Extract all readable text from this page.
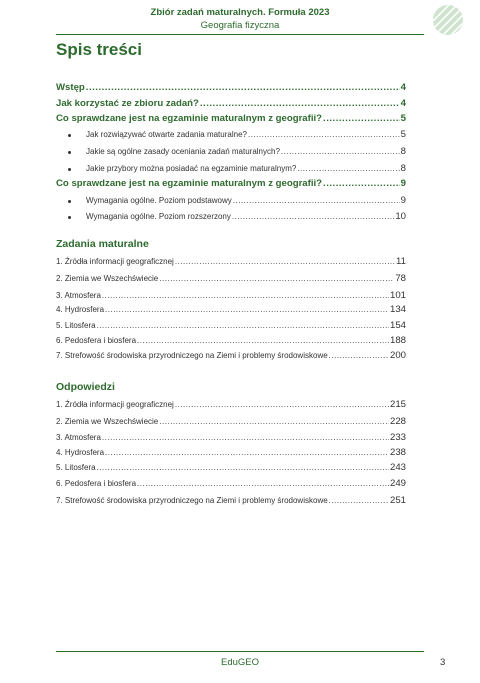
Zbiór zadań maturalnych. Formuła 2023
Geografia fizyczna
Spis treści
Wstęp .....	4
Jak korzystać ze zbioru zadań? .....	4
Co sprawdzane jest na egzaminie maturalnym z geografii? .....	5
Jak rozwiązywać otwarte zadania maturalne? .....	5
Jakie są ogólne zasady oceniania zadań maturalnych? .....	8
Jakie przybory można posiadać na egzaminie maturalnym? .....	8
Co sprawdzane jest na egzaminie maturalnym z geografii? .....	9
Wymagania ogólne. Poziom podstawowy .....	9
Wymagania ogólne. Poziom rozszerzony .....	10
Zadania maturalne
1. Źródła informacji geograficznej .....	11
2. Ziemia we Wszechświecie .....	78
3. Atmosfera .....	101
4. Hydrosfera .....	134
5. Litosfera .....	154
6. Pedosfera i biosfera .....	188
7. Strefowość środowiska przyrodniczego na Ziemi i problemy środowiskowe .....	200
Odpowiedzi
1. Źródła informacji geograficznej .....	215
2. Ziemia we Wszechświecie .....	228
3. Atmosfera .....	233
4. Hydrosfera .....	238
5. Litosfera .....	243
6. Pedosfera i biosfera .....	249
7. Strefowość środowiska przyrodniczego na Ziemi i problemy środowiskowe .....	251
EduGEO	3
